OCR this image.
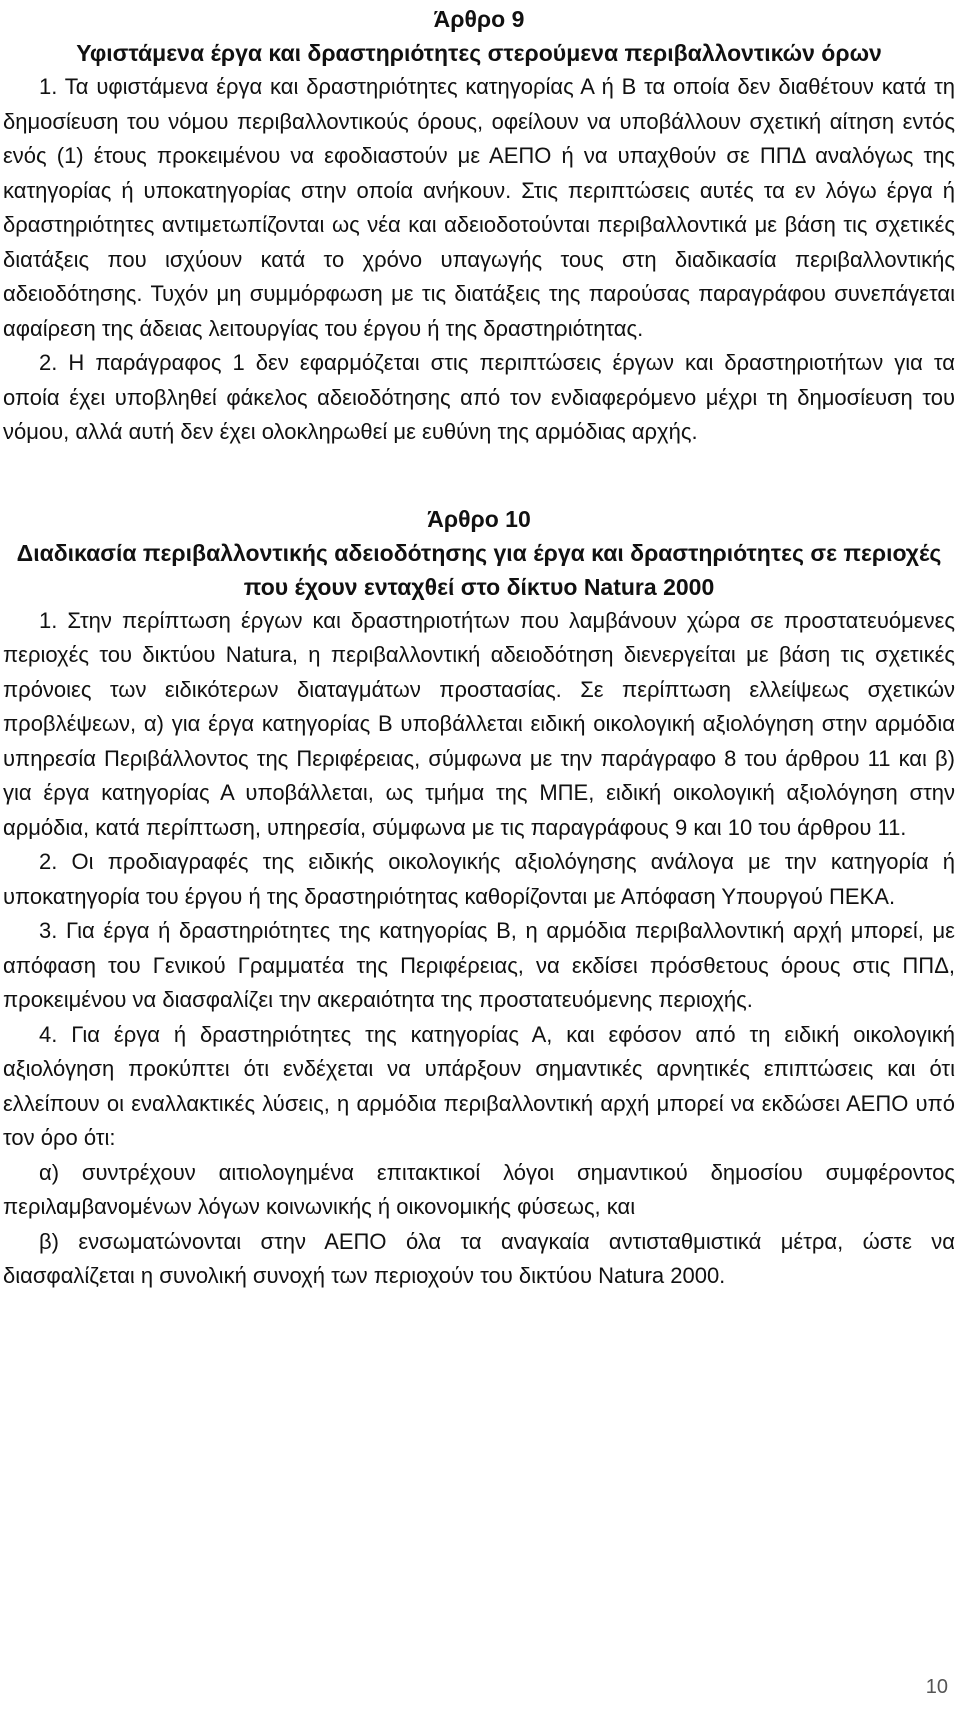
Άρθρο 9

Υφιστάμενα έργα και δραστηριότητες στερούμενα περιβαλλοντικών όρων

1. Τα υφιστάμενα έργα και δραστηριότητες κατηγορίας Α ή Β τα οποία δεν διαθέτουν κατά τη δημοσίευση του νόμου περιβαλλοντικούς όρους, οφείλουν να υποβάλλουν σχετική αίτηση εντός ενός (1) έτους προκειμένου να εφοδιαστούν με ΑΕΠΟ ή να υπαχθούν σε ΠΠΔ αναλόγως της κατηγορίας ή υποκατηγορίας στην οποία ανήκουν. Στις περιπτώσεις αυτές τα εν λόγω έργα ή δραστηριότητες αντιμετωπίζονται ως νέα και αδειοδοτούνται περιβαλλοντικά με βάση τις σχετικές διατάξεις που ισχύουν κατά το χρόνο υπαγωγής τους στη διαδικασία περιβαλλοντικής αδειοδότησης. Τυχόν μη συμμόρφωση με τις διατάξεις της παρούσας παραγράφου συνεπάγεται αφαίρεση της άδειας λειτουργίας του έργου ή της δραστηριότητας.

2. Η παράγραφος 1 δεν εφαρμόζεται στις περιπτώσεις έργων και δραστηριοτήτων για τα οποία έχει υποβληθεί φάκελος αδειοδότησης από τον ενδιαφερόμενο μέχρι τη δημοσίευση του νόμου, αλλά αυτή δεν έχει ολοκληρωθεί με ευθύνη της αρμόδιας αρχής.

Άρθρο 10

Διαδικασία περιβαλλοντικής αδειοδότησης για έργα και δραστηριότητες σε περιοχές που έχουν ενταχθεί στο δίκτυο Natura 2000

1. Στην περίπτωση έργων και δραστηριοτήτων που λαμβάνουν χώρα σε προστατευόμενες περιοχές του δικτύου Natura, η περιβαλλοντική αδειοδότηση διενεργείται με βάση τις σχετικές πρόνοιες των ειδικότερων διαταγμάτων προστασίας. Σε περίπτωση ελλείψεως σχετικών προβλέψεων, α) για έργα κατηγορίας Β υποβάλλεται ειδική οικολογική αξιολόγηση στην αρμόδια υπηρεσία Περιβάλλοντος της Περιφέρειας, σύμφωνα με την παράγραφο 8 του άρθρου 11 και β) για έργα κατηγορίας Α υποβάλλεται, ως τμήμα της ΜΠΕ, ειδική οικολογική αξιολόγηση στην αρμόδια, κατά περίπτωση, υπηρεσία, σύμφωνα με τις παραγράφους 9 και 10 του άρθρου 11.

2. Οι προδιαγραφές της ειδικής οικολογικής αξιολόγησης ανάλογα με την κατηγορία ή υποκατηγορία του έργου ή της δραστηριότητας καθορίζονται με Απόφαση Υπουργού ΠΕΚΑ.

3. Για έργα ή δραστηριότητες της κατηγορίας Β, η αρμόδια περιβαλλοντική αρχή μπορεί, με απόφαση του Γενικού Γραμματέα της Περιφέρειας, να εκδίσει πρόσθετους όρους στις ΠΠΔ, προκειμένου να διασφαλίζει την ακεραιότητα της προστατευόμενης περιοχής.

4. Για έργα ή δραστηριότητες της κατηγορίας Α, και εφόσον από τη ειδική οικολογική αξιολόγηση προκύπτει ότι ενδέχεται να υπάρξουν σημαντικές αρνητικές επιπτώσεις και ότι ελλείπουν οι εναλλακτικές λύσεις, η αρμόδια περιβαλλοντική αρχή μπορεί να εκδώσει ΑΕΠΟ υπό τον όρο ότι:

α) συντρέχουν αιτιολογημένα επιτακτικοί λόγοι σημαντικού δημοσίου συμφέροντος περιλαμβανομένων λόγων κοινωνικής ή οικονομικής φύσεως, και

β) ενσωματώνονται στην ΑΕΠΟ όλα τα αναγκαία αντισταθμιστικά μέτρα, ώστε να διασφαλίζεται η συνολική συνοχή των περιοχούν του δικτύου Natura 2000.

10
